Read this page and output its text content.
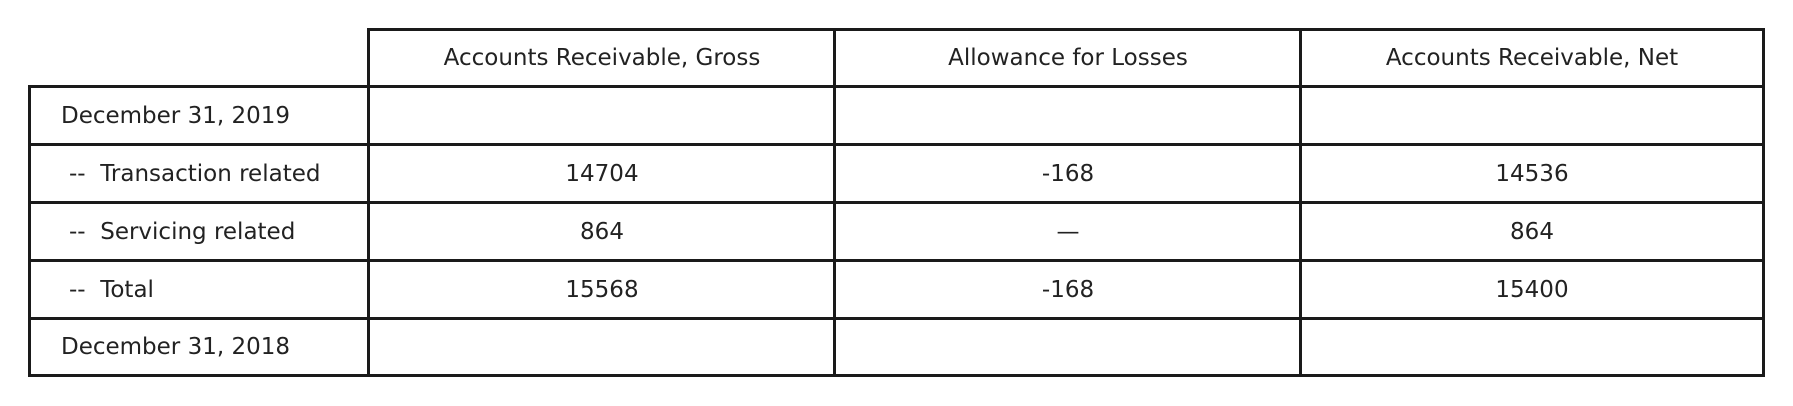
Accounts Receivable, Gross	Allowance for Losses	Accounts Receivable, Net
December 31, 2019
--  Transaction related	14704	-168	14536
--  Servicing related	864	—	864
--  Total	15568	-168	15400
December 31, 2018
